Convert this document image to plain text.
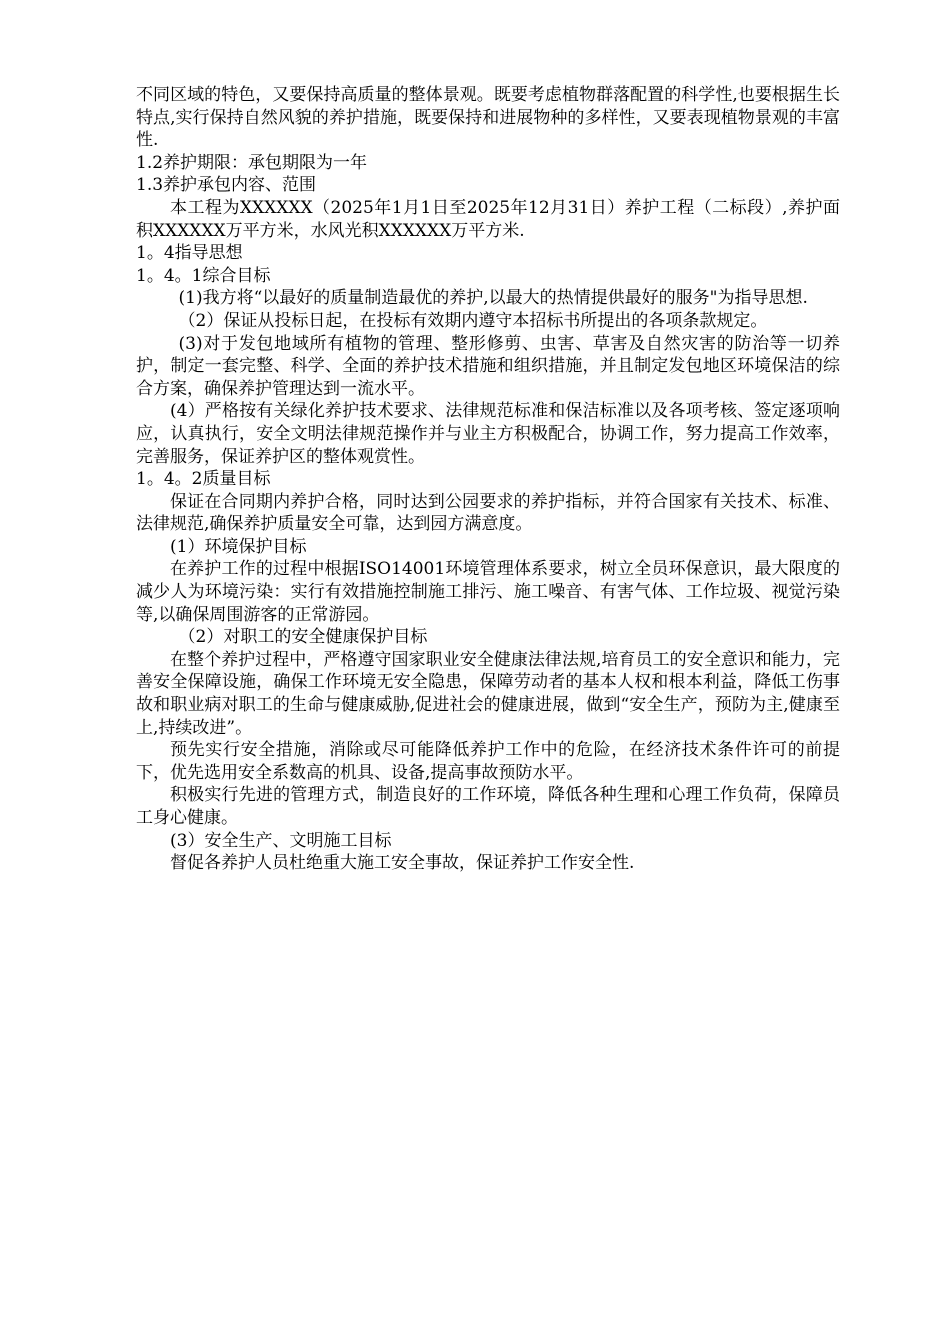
不同区域的特色，又要保持高质量的整体景观。既要考虑植物群落配置的科学性,也要根据生长特点,实行保持自然风貌的养护措施，既要保持和进展物种的多样性，又要表现植物景观的丰富性.

1.2养护期限：承包期限为一年

1.3养护承包内容、范围

本工程为XXXXXX（2025年1月1日至2025年12月31日）养护工程（二标段）,养护面积XXXXXX万平方米，水风光积XXXXXX万平方米.

1。4指导思想

1。4。1综合目标

(1)我方将“以最好的质量制造最优的养护,以最大的热情提供最好的服务"为指导思想.

（2）保证从投标日起，在投标有效期内遵守本招标书所提出的各项条款规定。

(3)对于发包地域所有植物的管理、整形修剪、虫害、草害及自然灾害的防治等一切养护，制定一套完整、科学、全面的养护技术措施和组织措施，并且制定发包地区环境保洁的综合方案，确保养护管理达到一流水平。

(4）严格按有关绿化养护技术要求、法律规范标准和保洁标准以及各项考核、签定逐项响应，认真执行，安全文明法律规范操作并与业主方积极配合，协调工作，努力提高工作效率，完善服务，保证养护区的整体观赏性。

1。4。2质量目标

保证在合同期内养护合格，同时达到公园要求的养护指标，并符合国家有关技术、标准、法律规范,确保养护质量安全可靠，达到园方满意度。

(1）环境保护目标

在养护工作的过程中根据ISO14001环境管理体系要求，树立全员环保意识，最大限度的减少人为环境污染：实行有效措施控制施工排污、施工噪音、有害气体、工作垃圾、视觉污染等,以确保周围游客的正常游园。

（2）对职工的安全健康保护目标

在整个养护过程中，严格遵守国家职业安全健康法律法规,培育员工的安全意识和能力，完善安全保障设施，确保工作环境无安全隐患，保障劳动者的基本人权和根本利益，降低工伤事故和职业病对职工的生命与健康威胁,促进社会的健康进展，做到“安全生产，预防为主,健康至上,持续改进”。

预先实行安全措施，消除或尽可能降低养护工作中的危险，在经济技术条件许可的前提下，优先选用安全系数高的机具、设备,提高事故预防水平。

积极实行先进的管理方式，制造良好的工作环境，降低各种生理和心理工作负荷，保障员工身心健康。

(3）安全生产、文明施工目标

督促各养护人员杜绝重大施工安全事故，保证养护工作安全性.
